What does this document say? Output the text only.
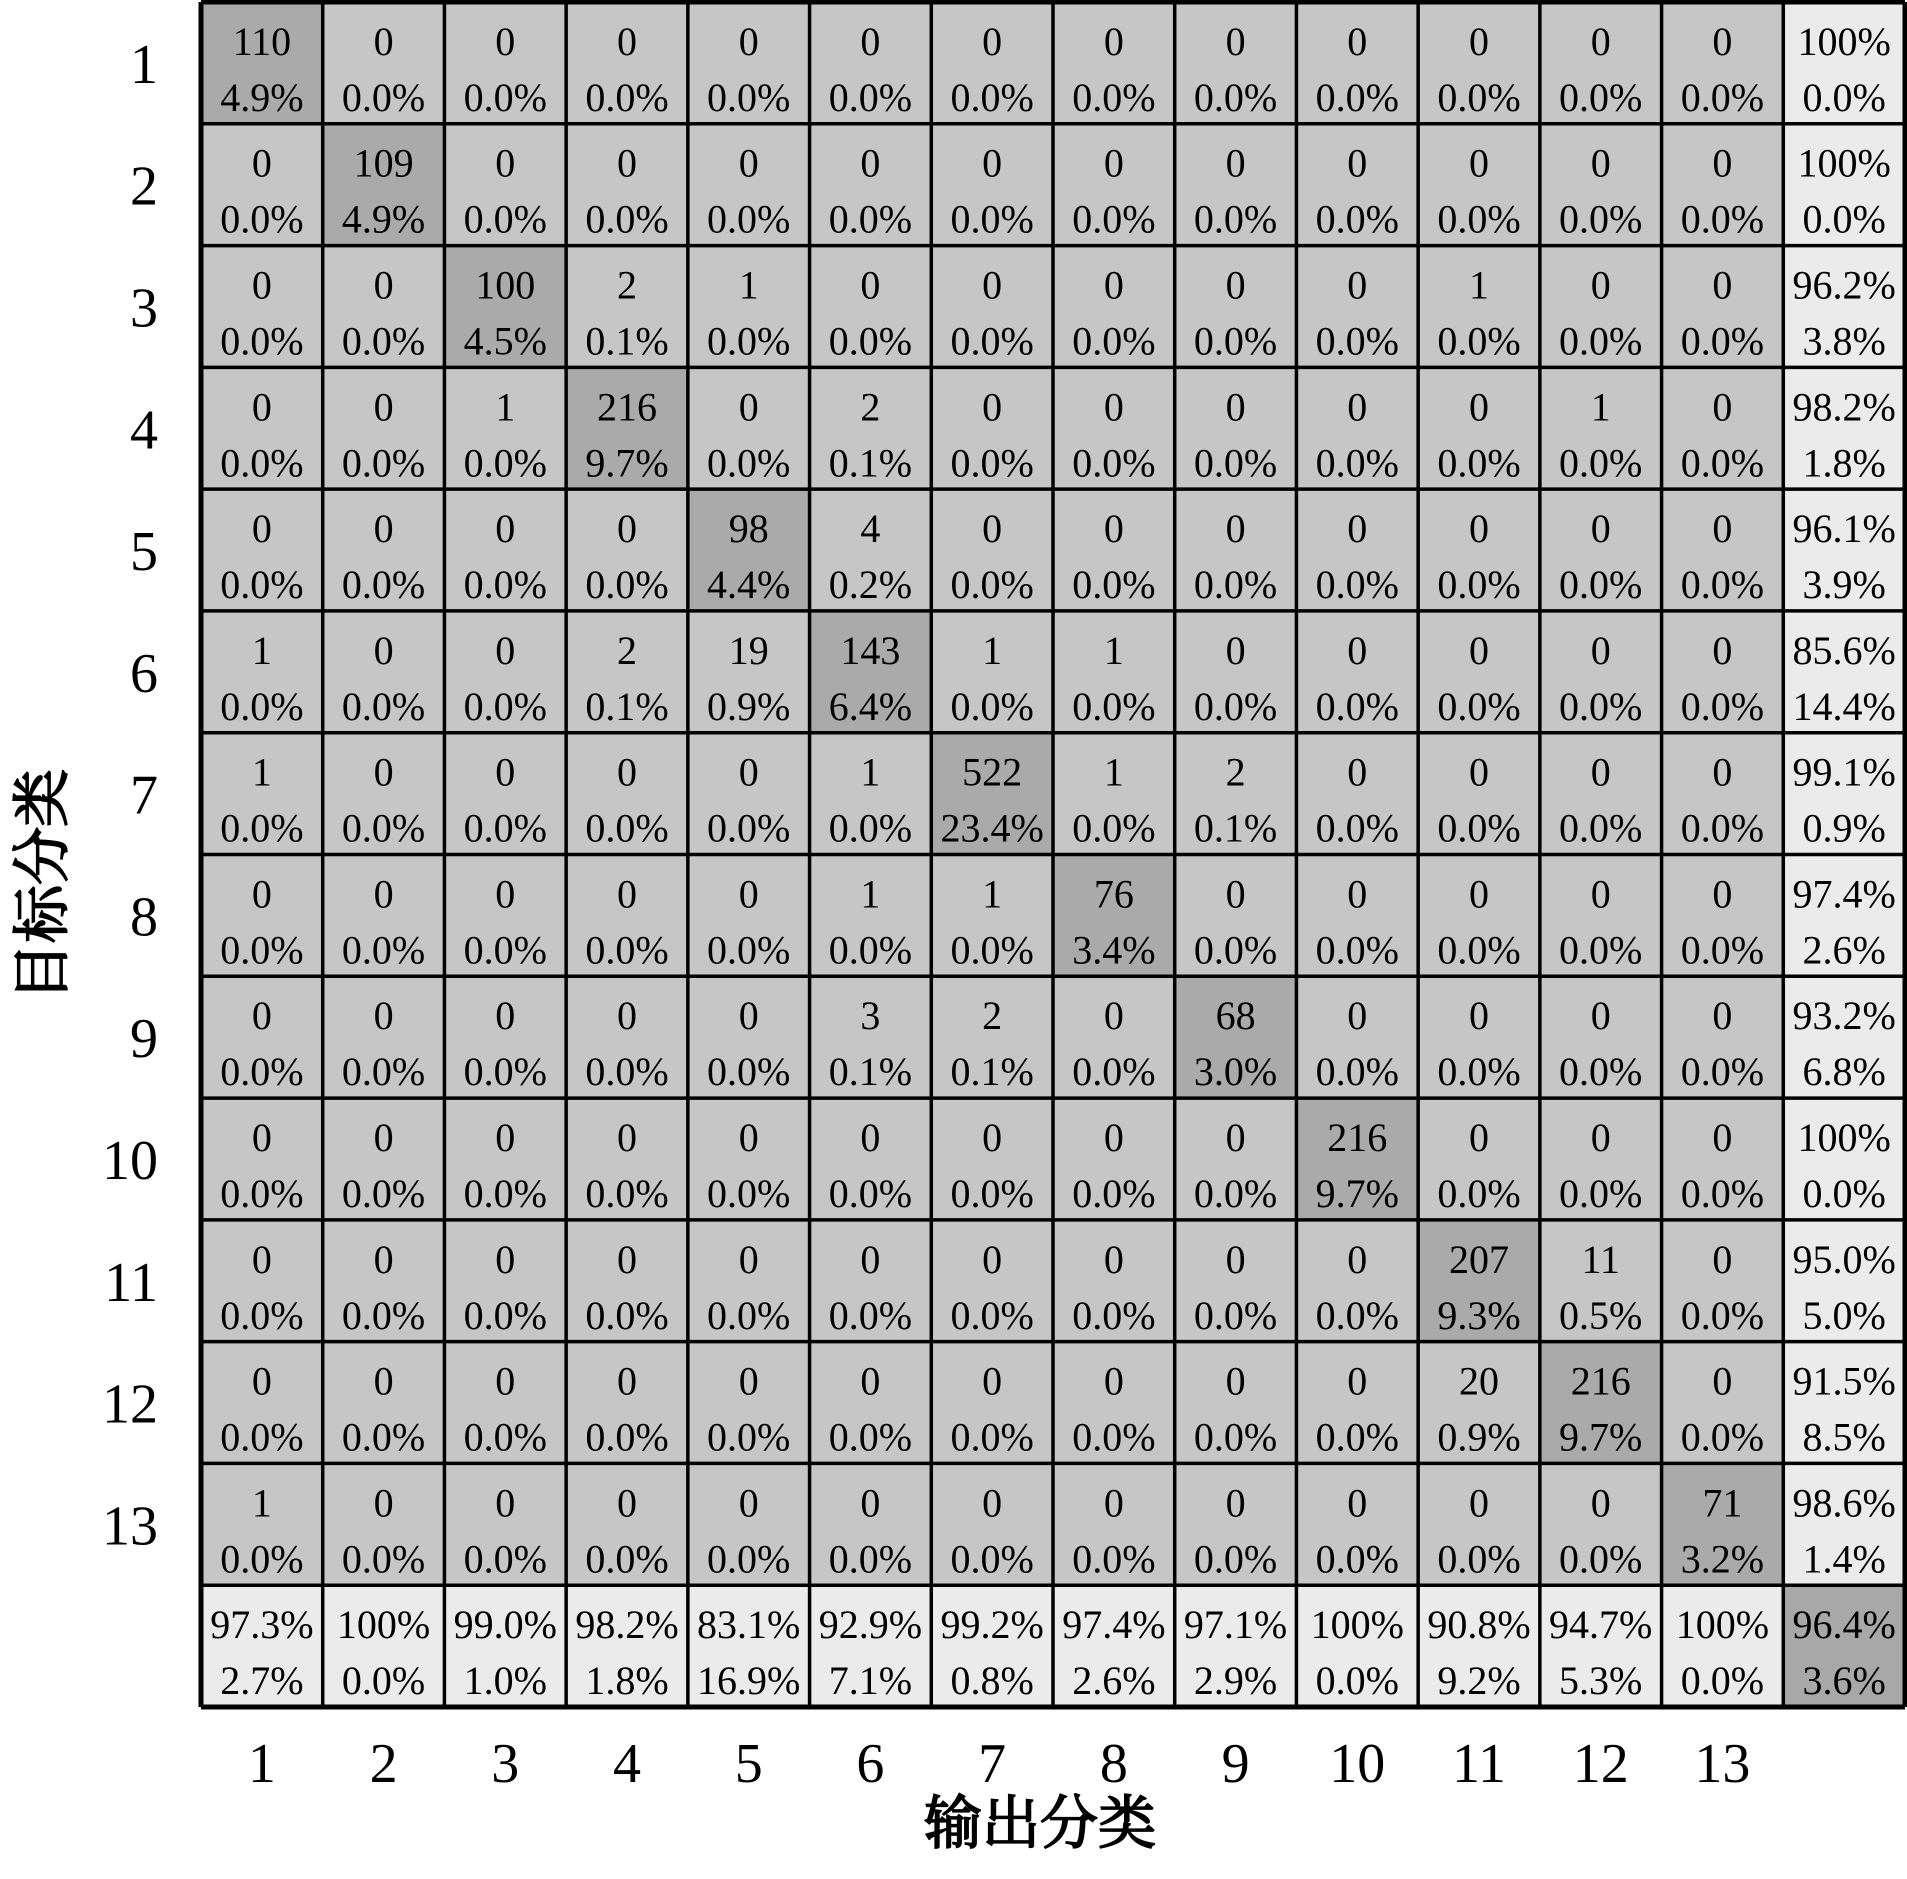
110
4.9%
0
0.0%
0
0.0%
0
0.0%
0
0.0%
0
0.0%
0
0.0%
0
0.0%
0
0.0%
0
0.0%
0
0.0%
0
0.0%
0
0.0%
100%
0.0%
0
0.0%
109
4.9%
0
0.0%
0
0.0%
0
0.0%
0
0.0%
0
0.0%
0
0.0%
0
0.0%
0
0.0%
0
0.0%
0
0.0%
0
0.0%
100%
0.0%
0
0.0%
0
0.0%
100
4.5%
2
0.1%
1
0.0%
0
0.0%
0
0.0%
0
0.0%
0
0.0%
0
0.0%
1
0.0%
0
0.0%
0
0.0%
96.2%
3.8%
0
0.0%
0
0.0%
1
0.0%
216
9.7%
0
0.0%
2
0.1%
0
0.0%
0
0.0%
0
0.0%
0
0.0%
0
0.0%
1
0.0%
0
0.0%
98.2%
1.8%
0
0.0%
0
0.0%
0
0.0%
0
0.0%
98
4.4%
4
0.2%
0
0.0%
0
0.0%
0
0.0%
0
0.0%
0
0.0%
0
0.0%
0
0.0%
96.1%
3.9%
1
0.0%
0
0.0%
0
0.0%
2
0.1%
19
0.9%
143
6.4%
1
0.0%
1
0.0%
0
0.0%
0
0.0%
0
0.0%
0
0.0%
0
0.0%
85.6%
14.4%
1
0.0%
0
0.0%
0
0.0%
0
0.0%
0
0.0%
1
0.0%
522
23.4%
1
0.0%
2
0.1%
0
0.0%
0
0.0%
0
0.0%
0
0.0%
99.1%
0.9%
0
0.0%
0
0.0%
0
0.0%
0
0.0%
0
0.0%
1
0.0%
1
0.0%
76
3.4%
0
0.0%
0
0.0%
0
0.0%
0
0.0%
0
0.0%
97.4%
2.6%
0
0.0%
0
0.0%
0
0.0%
0
0.0%
0
0.0%
3
0.1%
2
0.1%
0
0.0%
68
3.0%
0
0.0%
0
0.0%
0
0.0%
0
0.0%
93.2%
6.8%
0
0.0%
0
0.0%
0
0.0%
0
0.0%
0
0.0%
0
0.0%
0
0.0%
0
0.0%
0
0.0%
216
9.7%
0
0.0%
0
0.0%
0
0.0%
100%
0.0%
0
0.0%
0
0.0%
0
0.0%
0
0.0%
0
0.0%
0
0.0%
0
0.0%
0
0.0%
0
0.0%
0
0.0%
207
9.3%
11
0.5%
0
0.0%
95.0%
5.0%
0
0.0%
0
0.0%
0
0.0%
0
0.0%
0
0.0%
0
0.0%
0
0.0%
0
0.0%
0
0.0%
0
0.0%
20
0.9%
216
9.7%
0
0.0%
91.5%
8.5%
1
0.0%
0
0.0%
0
0.0%
0
0.0%
0
0.0%
0
0.0%
0
0.0%
0
0.0%
0
0.0%
0
0.0%
0
0.0%
0
0.0%
71
3.2%
98.6%
1.4%
97.3%
2.7%
100%
0.0%
99.0%
1.0%
98.2%
1.8%
83.1%
16.9%
92.9%
7.1%
99.2%
0.8%
97.4%
2.6%
97.1%
2.9%
100%
0.0%
90.8%
9.2%
94.7%
5.3%
100%
0.0%
96.4%
3.6%
1
2
3
4
5
6
7
8
9
10
11
12
13
1 2 3 4 5 6 7 8 9 10 11 12 13
输出分类
目标分类
